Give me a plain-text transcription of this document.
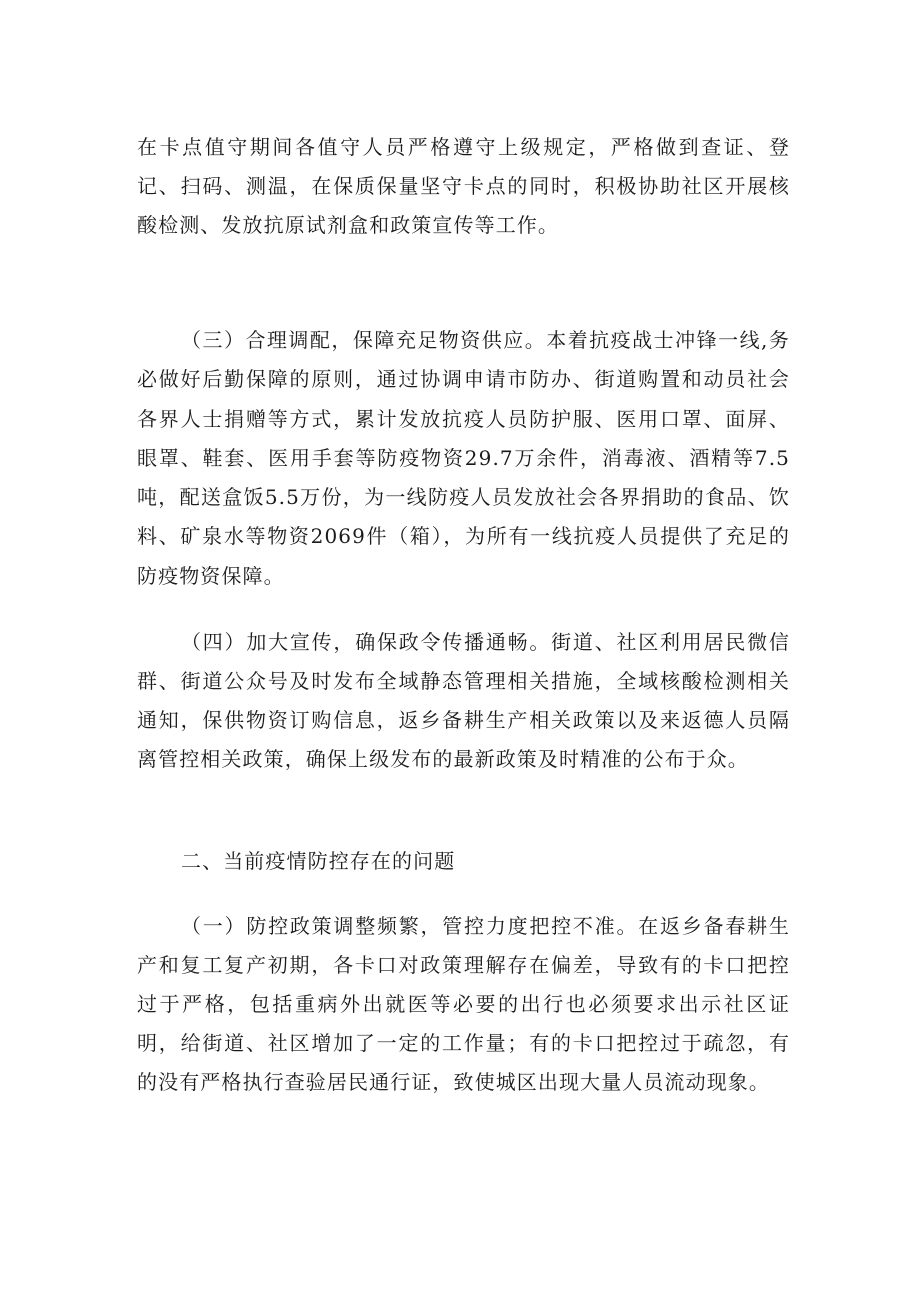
在卡点值守期间各值守人员严格遵守上级规定，严格做到查证、登记、扫码、测温，在保质保量坚守卡点的同时，积极协助社区开展核酸检测、发放抗原试剂盒和政策宣传等工作。

（三）合理调配，保障充足物资供应。本着抗疫战士冲锋一线,务必做好后勤保障的原则，通过协调申请市防办、街道购置和动员社会各界人士捐赠等方式，累计发放抗疫人员防护服、医用口罩、面屏、眼罩、鞋套、医用手套等防疫物资29.7万余件，消毒液、酒精等7.5吨，配送盒饭5.5万份，为一线防疫人员发放社会各界捐助的食品、饮料、矿泉水等物资2069件（箱），为所有一线抗疫人员提供了充足的防疫物资保障。

（四）加大宣传，确保政令传播通畅。街道、社区利用居民微信群、街道公众号及时发布全域静态管理相关措施，全域核酸检测相关通知，保供物资订购信息，返乡备耕生产相关政策以及来返德人员隔离管控相关政策，确保上级发布的最新政策及时精准的公布于众。

二、当前疫情防控存在的问题

（一）防控政策调整频繁，管控力度把控不准。在返乡备春耕生产和复工复产初期，各卡口对政策理解存在偏差，导致有的卡口把控过于严格，包括重病外出就医等必要的出行也必须要求出示社区证明，给街道、社区增加了一定的工作量；有的卡口把控过于疏忽，有的没有严格执行查验居民通行证，致使城区出现大量人员流动现象。
